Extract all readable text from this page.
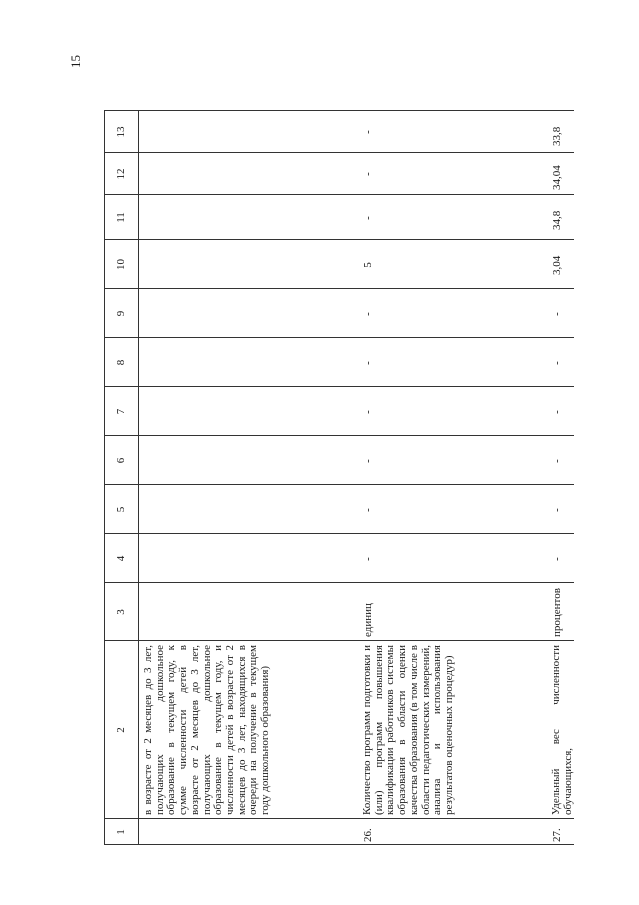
15
1
2
3
4
5
6
7
8
9
10
11
12
13
в возрасте от 2 месяцев до 3 лет, получающих дошкольное образование в текущем году, к сумме численности детей в возрасте от 2 месяцев до 3 лет, получающих дошкольное образование в текущем году, и численности детей в возрасте от 2 месяцев до 3 лет, находящихся в очереди на получение в текущем году дошкольного образования)
26.
Количество программ подготовки и (или) программ повышения квалификации работников системы образования в области оценки качества образования (в том числе в области педагогических измерений, анализа и использования результатов оценочных процедур)
единиц
-
-
-
-
-
-
5
-
-
-
27.
Удельный вес численности обучающихся,
процентов
-
-
-
-
-
-
3,04
34,8
34,04
33,8
